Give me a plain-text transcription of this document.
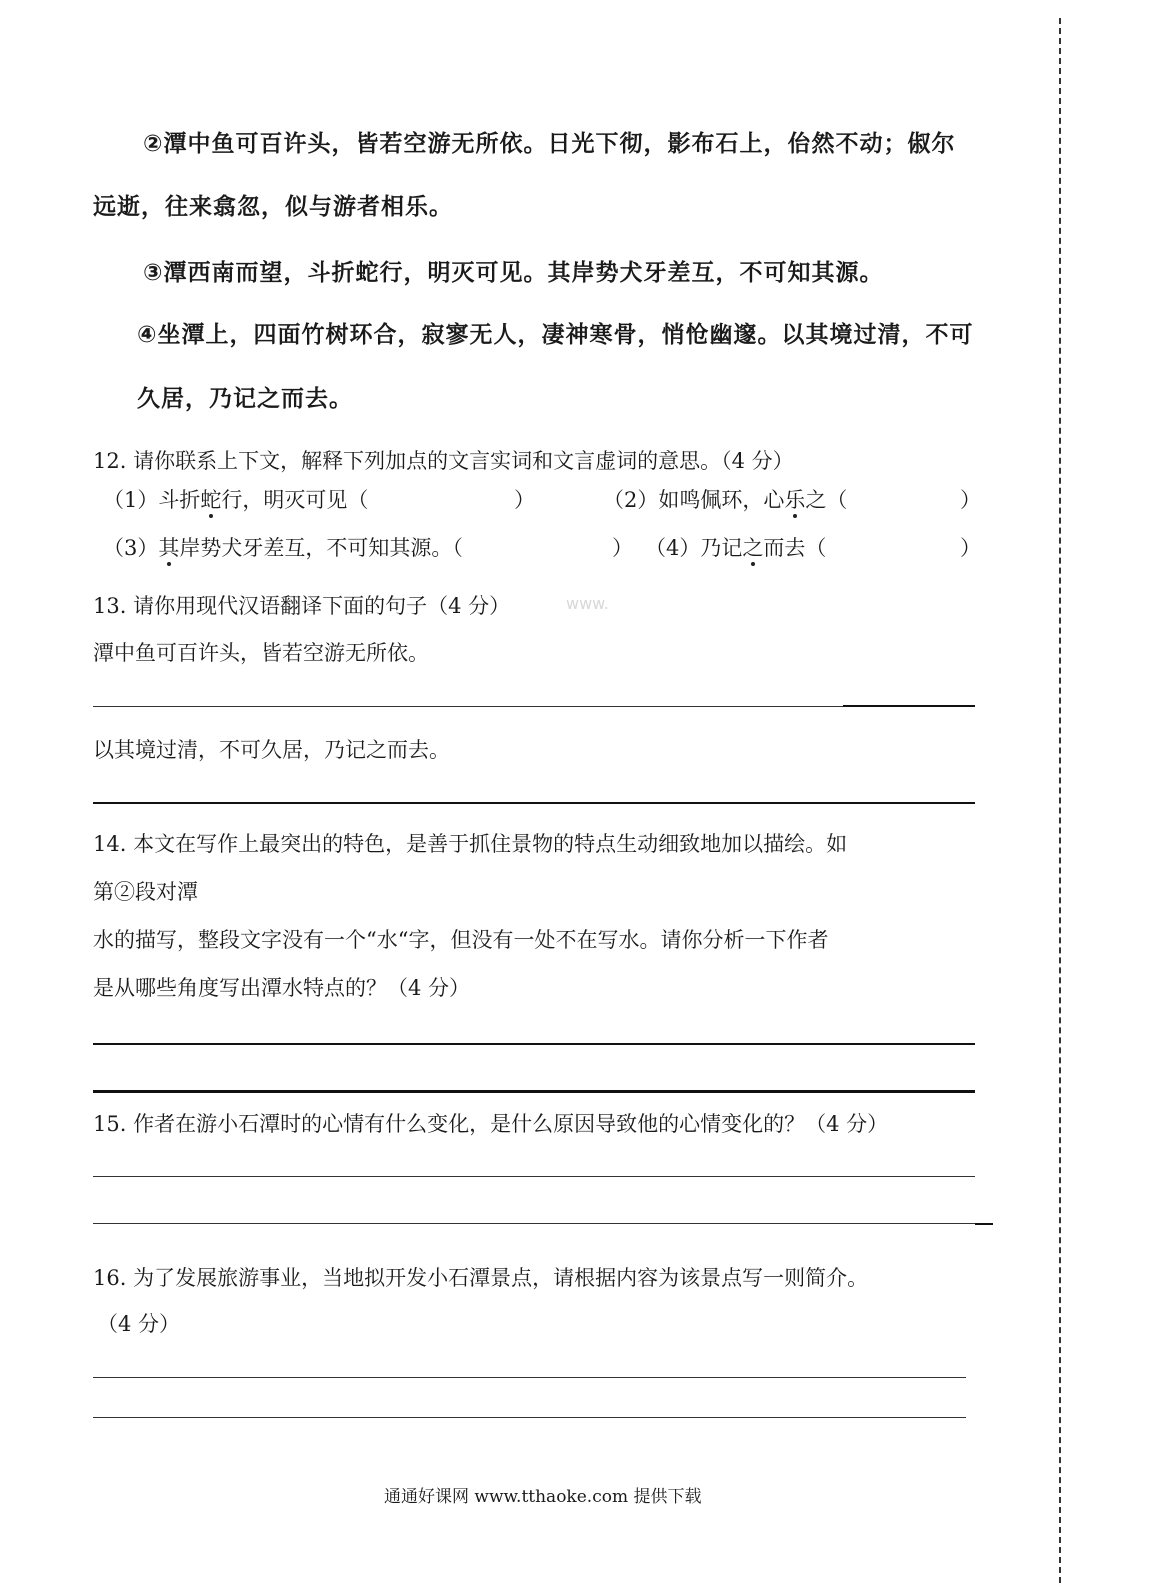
②潭中鱼可百许头，皆若空游无所依。日光下彻，影布石上，佁然不动；俶尔
远逝，往来翕忽，似与游者相乐。
③潭西南而望，斗折蛇行，明灭可见。其岸势犬牙差互，不可知其源。
④坐潭上，四面竹树环合，寂寥无人，凄神寒骨，悄怆幽邃。以其境过清，不可
久居，乃记之而去。
12. 请你联系上下文，解释下列加点的文言实词和文言虚词的意思。（4 分）
（1）斗折蛇行，明灭可见（	）	（2）如鸣佩环，心乐之（	）
（3）其岸势犬牙差互，不可知其源。（	） （4）乃记之而去（	）
13. 请你用现代汉语翻译下面的句子（4 分）	www.
潭中鱼可百许头，皆若空游无所依。
以其境过清，不可久居，乃记之而去。
14. 本文在写作上最突出的特色，是善于抓住景物的特点生动细致地加以描绘。如
第②段对潭
水的描写，整段文字没有一个“水“字，但没有一处不在写水。请你分析一下作者
是从哪些角度写出潭水特点的？（4 分）
15. 作者在游小石潭时的心情有什么变化，是什么原因导致他的心情变化的？（4 分）
16. 为了发展旅游事业，当地拟开发小石潭景点，请根据内容为该景点写一则简介。
（4 分）
通通好课网 www.tthaoke.com 提供下载
